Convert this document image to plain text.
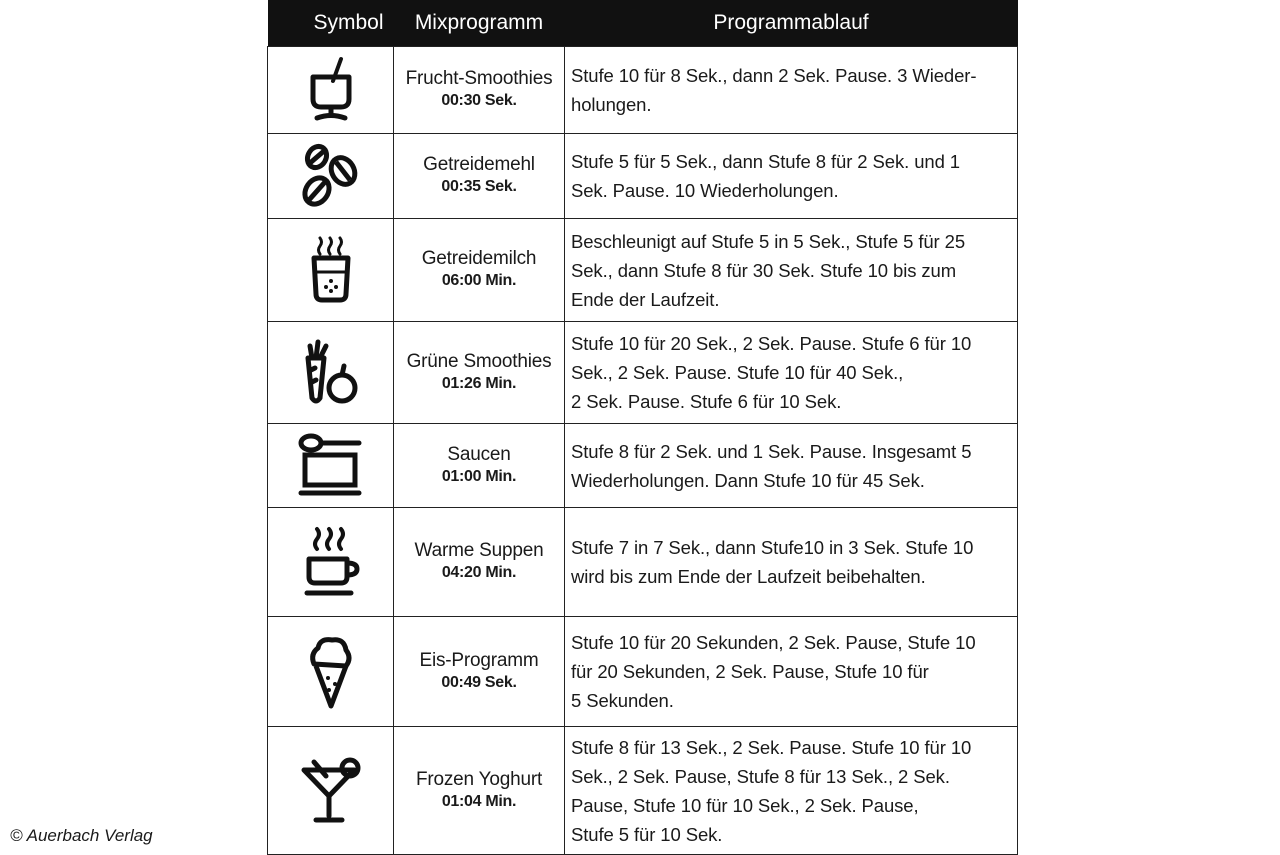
Symbol	Mixprogramm	Programmablauf

Frucht-Smoothies
00:30 Sek.	Stufe 10 für 8 Sek., dann 2 Sek. Pause. 3 Wieder-
holungen.

Getreidemehl
00:35 Sek.	Stufe 5 für 5 Sek., dann Stufe 8 für 2 Sek. und 1
Sek. Pause. 10 Wiederholungen.

Getreidemilch
06:00 Min.	Beschleunigt auf Stufe 5 in 5 Sek., Stufe 5 für 25
Sek., dann Stufe 8 für 30 Sek. Stufe 10 bis zum
Ende der Laufzeit.

Grüne Smoothies
01:26 Min.	Stufe 10 für 20 Sek., 2 Sek. Pause. Stufe 6 für 10
Sek., 2 Sek. Pause. Stufe 10 für 40 Sek.,
2 Sek. Pause. Stufe 6 für 10 Sek.

Saucen
01:00 Min.	Stufe 8 für 2 Sek. und 1 Sek. Pause. Insgesamt 5
Wiederholungen. Dann Stufe 10 für 45 Sek.

Warme Suppen
04:20 Min.	Stufe 7 in 7 Sek., dann Stufe10 in 3 Sek. Stufe 10
wird bis zum Ende der Laufzeit beibehalten.

Eis-Programm
00:49 Sek.	Stufe 10 für 20 Sekunden, 2 Sek. Pause, Stufe 10
für 20 Sekunden, 2 Sek. Pause, Stufe 10 für
5 Sekunden.

Frozen Yoghurt
01:04 Min.	Stufe 8 für 13 Sek., 2 Sek. Pause. Stufe 10 für 10
Sek., 2 Sek. Pause, Stufe 8 für 13 Sek., 2 Sek.
Pause, Stufe 10 für 10 Sek., 2 Sek. Pause,
Stufe 5 für 10 Sek.
© Auerbach Verlag
